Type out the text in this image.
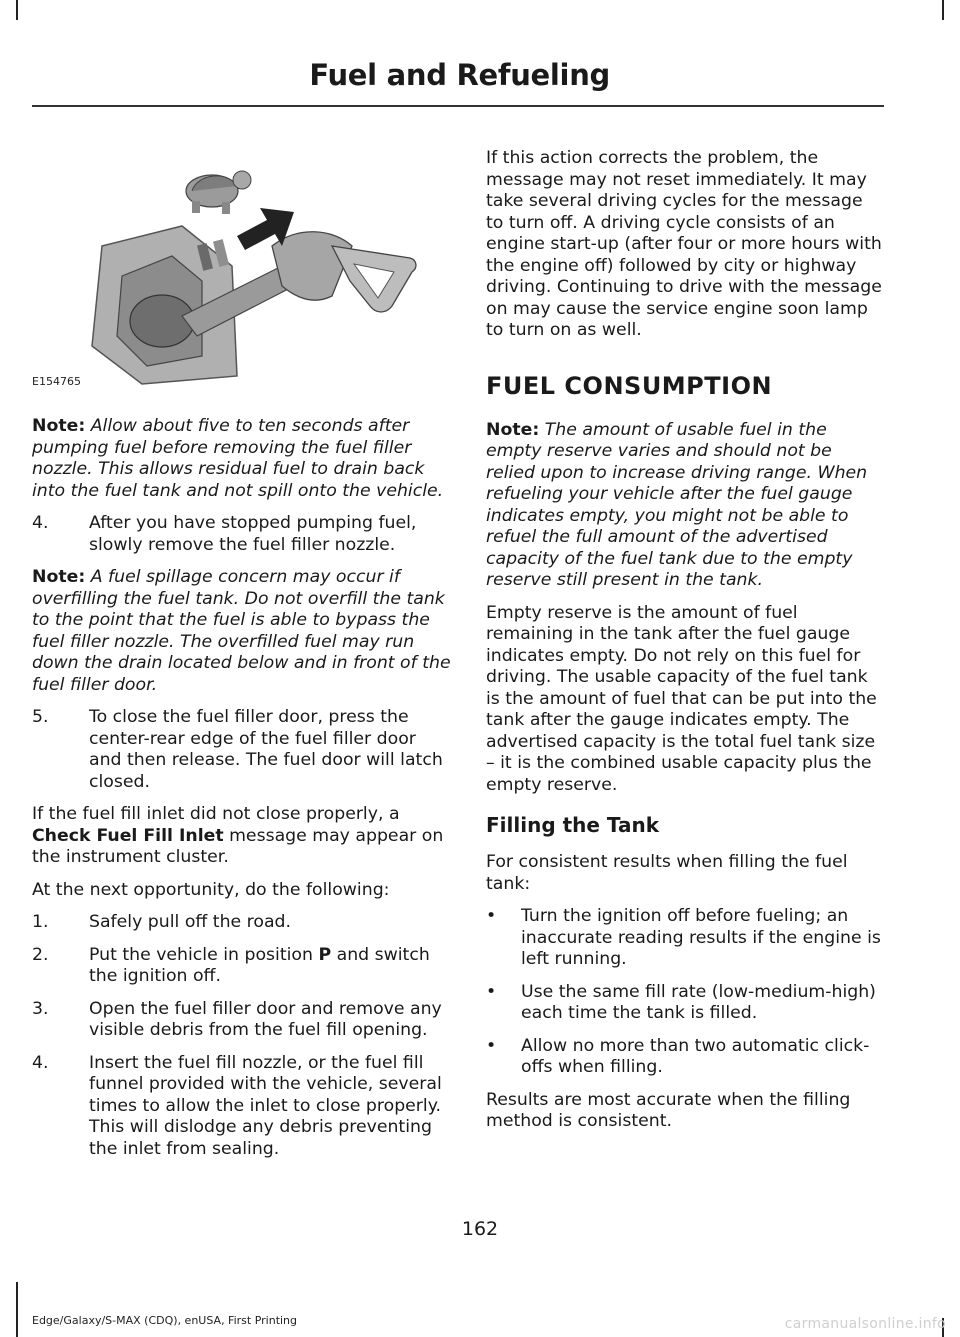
Fuel and Refueling
E154765

Note: Allow about five to ten seconds after pumping fuel before removing the fuel filler nozzle. This allows residual fuel to drain back into the fuel tank and not spill onto the vehicle.

4. After you have stopped pumping fuel, slowly remove the fuel filler nozzle.

Note: A fuel spillage concern may occur if overfilling the fuel tank. Do not overfill the tank to the point that the fuel is able to bypass the fuel filler nozzle. The overfilled fuel may run down the drain located below and in front of the fuel filler door.

5. To close the fuel filler door, press the center-rear edge of the fuel filler door and then release. The fuel door will latch closed.

If the fuel fill inlet did not close properly, a Check Fuel Fill Inlet message may appear on the instrument cluster.

At the next opportunity, do the following:

1. Safely pull off the road.
2. Put the vehicle in position P and switch the ignition off.
3. Open the fuel filler door and remove any visible debris from the fuel fill opening.
4. Insert the fuel fill nozzle, or the fuel fill funnel provided with the vehicle, several times to allow the inlet to close properly. This will dislodge any debris preventing the inlet from sealing.

If this action corrects the problem, the message may not reset immediately. It may take several driving cycles for the message to turn off. A driving cycle consists of an engine start-up (after four or more hours with the engine off) followed by city or highway driving. Continuing to drive with the message on may cause the service engine soon lamp to turn on as well.

FUEL CONSUMPTION

Note: The amount of usable fuel in the empty reserve varies and should not be relied upon to increase driving range. When refueling your vehicle after the fuel gauge indicates empty, you might not be able to refuel the full amount of the advertised capacity of the fuel tank due to the empty reserve still present in the tank.

Empty reserve is the amount of fuel remaining in the tank after the fuel gauge indicates empty. Do not rely on this fuel for driving. The usable capacity of the fuel tank is the amount of fuel that can be put into the tank after the gauge indicates empty. The advertised capacity is the total fuel tank size – it is the combined usable capacity plus the empty reserve.

Filling the Tank

For consistent results when filling the fuel tank:

• Turn the ignition off before fueling; an inaccurate reading results if the engine is left running.
• Use the same fill rate (low-medium-high) each time the tank is filled.
• Allow no more than two automatic click-offs when filling.

Results are most accurate when the filling method is consistent.

162
Edge/Galaxy/S-MAX (CDQ), enUSA, First Printing	carmanualsonline.info
